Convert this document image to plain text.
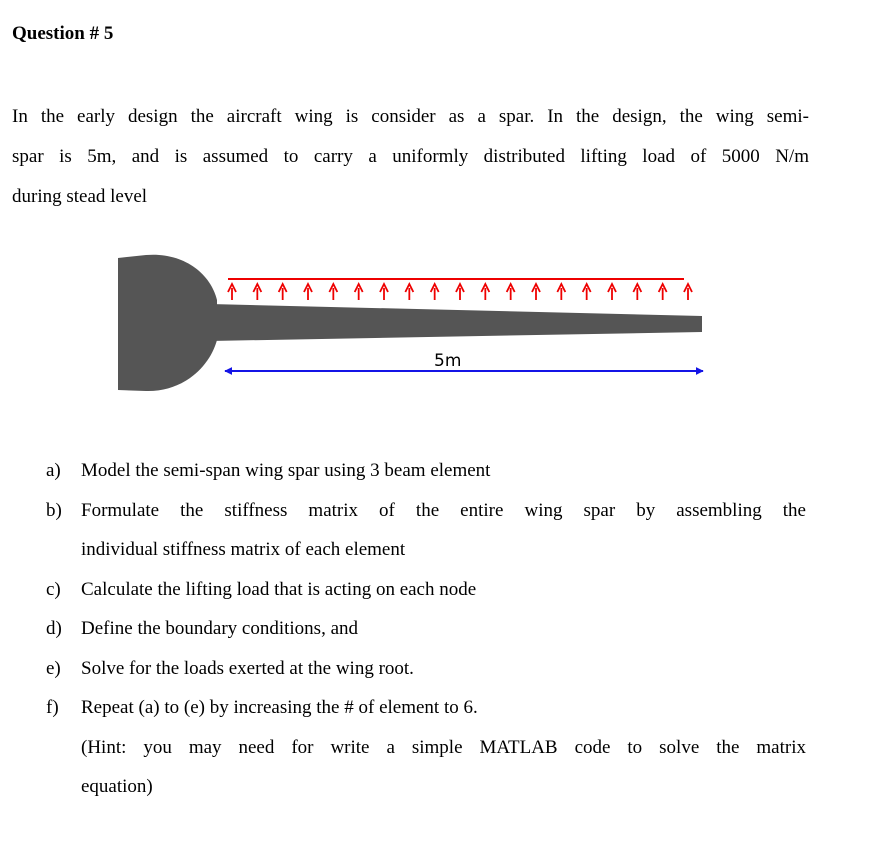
Question # 5

In the early design the aircraft wing is consider as a spar. In the design, the wing semi-
spar is 5m, and is assumed to carry a uniformly distributed lifting load of 5000 N/m
during stead level

5m
a) Model the semi-span wing spar using 3 beam element
b) Formulate the stiffness matrix of the entire wing spar by assembling the
individual stiffness matrix of each element
c) Calculate the lifting load that is acting on each node
d) Define the boundary conditions, and
e) Solve for the loads exerted at the wing root.
f) Repeat (a) to (e) by increasing the # of element to 6.
(Hint: you may need for write a simple MATLAB code to solve the matrix
equation)
